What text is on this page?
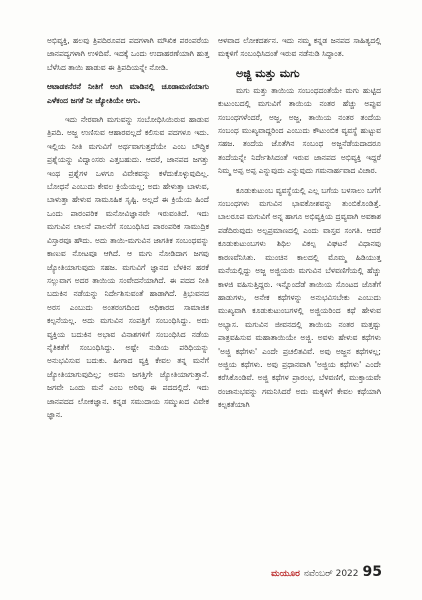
ಅಭಿವ್ಯಕ್ತಿ, ಹಲವು ತ್ರಿಪದಿರೂಪದ ಪದಗಳಾಗಿ ಮೌಖಿಕ ಪರಂಪರೆಯ ಜಾನಪದ್ಯಗಳಾಗಿ ಉಳಿದಿವೆ. ಇದಕ್ಕೆ ಒಂದು ಉದಾಹರಣೆಯಾಗಿ ಹುತ್ತ ಬೆಳೆಸಿದ ತಾಯಿ ಹಾಡುವ ಈ ತ್ರಿಪದಿಯನ್ನೇ ನೋಡಿ.

ಆಟಾಡಕನೆರನೆ ನೀತಿಗೆ ಆಂಗಿ ಮಾಡಿನಲ್ಲಿ ಚೂಡಾಮಣಿಯಾಗು ಎಳೆಕಂದ ಜಗಕೆ ನೀ ಜ್ಯೋತಿಯೇ ಆಗು.

ಇದು ನೇರವಾಗಿ ಮಗುವನ್ನು ಸಂಬೋಧಿಸಿಯಿರುವ ಹಾಡುವ ತ್ರಿಪದಿ. ಅಜ್ಜ ಉಣಿಸುವ ಆಹಾರವಲ್ಲದೆ ಕಲಿಸುವ ಪದಗಳೂ ಇದು. ಇಲ್ಲಿಯ ನೀತಿ ಮಗುವಿಗೆ ಅರ್ಥವಾಗುತ್ತದೆಯೇ ಎಂಬ ಬೌದ್ಧಿಕ ಪ್ರಶ್ನೆಯನ್ನು ವಿದ್ವಾಂಸರು ಎತ್ತಬಹುದು. ಆದರೆ, ಜಾನಪದ ಜಗತ್ತು ಇಂಥ ಪ್ರಶ್ನೆಗಳ ಒಳಗೂ ವಿವೇಕವನ್ನು ಕಳೆದುಕೊಳ್ಳುವುದಿಲ್ಲ. ಬೋಧನೆ ಎಂಬುದು ಕೇವಲ ಕ್ರಿಯೆಯಲ್ಲ; ಅದು ಹೇಳುತ್ತಾ ಬಾಳುವ, ಬಾಳುತ್ತಾ ಹೇಳುವ ಸಾಮೂಹಿಕ ಸೃಷ್ಟಿ. ಅಲ್ಲದೆ ಈ ಕ್ರಿಯೆಯ ಹಿಂದೆ ಒಂದು ಪಾರಂಪರಿಕ ಮನೋವಿಜ್ಞಾನವೇ ಇರುವಂತಿದೆ. ಇದು ಮಗುವಿನ ಲಾಲನೆ ಪಾಲನೆಗೆ ಸಂಬಂಧಿಸಿದ ಪಾರಂಪರಿಕ ಸಾಮುದ್ರಿಕ ವಿಸ್ತಾರವೂ ಹೌದು. ಅದು ತಾಯಿ-ಮಗುವಿನ ಜಾಗತಿಕ ಸಂಬಂಧವನ್ನು ಕಾಣುವ ನೋಟವೂ ಆಗಿದೆ. ಆ ಮಗು ನೋಡಿದಾಗ ಜಗವು ಜ್ಯೋತಿಯಾಗುವುದು ಸಹಜ. ಮಗುವಿಗೆ ಜ್ಞಾನದ ಬೆಳಕಿನ ಹರಕೆ ಸಲ್ಲುವಾಗ ಅದರ ತಾಯಿಯ ಸಂವೇದನೆಯಾಗಿದೆ. ಈ ಪದದ ನೀತಿ ಬದುಕಿನ ನಡೆಯನ್ನು ನಿರ್ದೇಶಿಸುವಂತೆ ಹಾಡಾಗಿದೆ. ತ್ರಿಭುವನದ ಅರಸ ಎಂಬುದು ಅಂತರಂಗದಿಂದ ಅಧಿಕಾರದ ಸಾಮಾಜಿಕ ಕಲ್ಪನೆಯಲ್ಲ. ಅದು ಮಗುವಿನ ಸಂಪತ್ತಿಗೆ ಸಂಬಂಧಿಸಿದ್ದು. ಅದು ವ್ಯಕ್ತಿಯ ಬದುಕಿನ ಅಭಾವ ವಿನಾಶಗಳಿಗೆ ಸಂಬಂಧಿಸಿದ ನಡೆಯ ನೈತಿಕತೆಗೆ ಸಂಬಂಧಿಸಿದ್ದು. ಅಷ್ಟೇ ನುಡಿಯ ಪರಿಧಿಯನ್ನು ಅನುಭವಿಸುವ ಬದುಕು. ಹೀಗಾದ ವ್ಯಕ್ತಿ ಕೇವಲ ತನ್ನ ಮನೆಗೆ ಜ್ಯೋತಿಯಾಗುವುದಿಲ್ಲ; ಅವನು ಜಗತ್ತಿಗೇ ಜ್ಯೋತಿಯಾಗುತ್ತಾನೆ. ಜಗವೇ ಒಂದು ಮನೆ ಎಂಬ ಅರಿವು ಈ ಪದದಲ್ಲಿದೆ. ಇದು ಜಾನಪದದ ಲೋಕಜ್ಞಾನ. ಕನ್ನಡ ಸಮುದಾಯ ಸಮ್ಮುಖದ ವಿವೇಕ ಜ್ಞಾನ.

ಆಳವಾದ ಲೋಕದರ್ಶನ. ಇದು ನಮ್ಮ ಕನ್ನಡ ಜನಪದ ಸಾಹಿತ್ಯದಲ್ಲಿ ಮಕ್ಕಳಿಗೆ ಸಂಬಂಧಿಸಿದಂತೆ ಇರುವ ನಡೆನುಡಿ ಸಿದ್ಧಾಂತ.

ಅಜ್ಜಿ ಮತ್ತು ಮಗು

ಮಗು ಮತ್ತು ತಾಯಿಯ ಸಂಬಂಧದಂತೆಯೇ ಮಗು ಹುಟ್ಟಿದ ಕುಟುಂಬದಲ್ಲಿ ಮಗುವಿಗೆ ತಾಯಿಯ ನಂತರ ಹೆಚ್ಚು ಅಪ್ಪುವ ಸಂಬಂಧಗಳೆಂದರೆ, ಅಜ್ಜ, ಅಜ್ಜ, ತಾಯಿಯ ನಂತರ ತಂದೆಯ ಸಂಬಂಧ ಮುಖ್ಯವಾದ್ದರಿಂದ ಎಂಬುದು ಕೌಟುಂಬಿಕ ವ್ಯವಸ್ಥೆ ಹುಟ್ಟುವ ಸಹಜ. ತಂದೆಯ ಜೊತೆಗಿನ ಸಂಬಂಧ ಅಜ್ಜನೆಡೆಯದಾದರೂ ತಂದೆಯನ್ನೇ ನಿರ್ದೇಶಿಸಿದಂತೆ ಇರುವ ಜಾನಪದ ಅಭಿವ್ಯಕ್ತಿ ಇದ್ದರೆ ನಿಮ್ಮ ಅಪ್ಪ ಅಪ್ಪ ಎನ್ನುವುದು ಎನ್ನುವುದು ಗಮನಾರ್ಹವಾದ ವಿಚಾರ.

ಕೂಡುಕುಟುಂಬ ವ್ಯವಸ್ಥೆಯಲ್ಲಿ ಎಲ್ಲ ಬಗೆಯ ಬಳಸಾಲು ಬಗೆಗೆ ಸಂಬಂಧಗಳು ಮಗುವಿನ ಭಾವಕೋಶವನ್ನು ತುಂಬಿಕೊಂಡಿತ್ತೆ. ಬಾಲರೂಪ ಮಗುವಿಗೆ ಅನ್ನ ಹಾಗೂ ಅಭಿವ್ಯಕ್ತಿಯ ದ್ರವ್ಯವಾಗಿ ಅವಕಾಶ ಪಡೆದಿರುವುದು ಅಲ್ಪಪ್ರಮಾಣದಲ್ಲಿ ಎಂದು ವಾಸ್ತವ ಸಂಗತಿ. ಆದರೆ ಕೂಡುಕುಟುಂಬಗಳು ಶಿಥಿಲ ವಿಕಲ್ಪ ವಿಘಟನೆ ವಿಧಾನವು ಕಾರಣವೆನಿಸಿತು. ಮುಂಚಿನ ಕಾಲದಲ್ಲಿ ಮೊಮ್ಮ ಹಿಡಿಯುತ್ತ ಮನೆಯಲ್ಲಿದ್ದು ಅಜ್ಜ ಅಜ್ಜಿಯರು ಮಗುವಿನ ಬೆಳವಣಿಗೆಯಲ್ಲಿ ಹೆಚ್ಚು ಕಾಳಜಿ ವಹಿಸುತ್ತಿದ್ದರು. ಇನ್ನೊಂದೆಡೆ ತಾಯಿಯ ಸೊಂಟದ ಜೊತೆಗೆ ಹಾಡುಗಳು, ಅನೇಕ ಕಥೆಗಳನ್ನು ಅನುಭವಿಸಬೇಕು ಎಂಬುದು ಮುಖ್ಯವಾಗಿ ಕೂಡುಕುಟುಂಬಗಳಲ್ಲಿ ಅಜ್ಜಿಯರಿಂದ ಕಥೆ ಹೇಳುವ ಅಭ್ಯಾಸ. ಮಗುವಿನ ಜೀವನದಲ್ಲಿ ತಾಯಿಯ ನಂತರ ಮತ್ತಷ್ಟು ಪಾತ್ರವಹಿಸುವ ಮಹಾತಾಯಿಯೇ ಅಜ್ಜಿ. ಅವಳು ಹೇಳುವ ಕಥೆಗಳು 'ಅಜ್ಜಿ ಕಥೆಗಳು' ಎಂದೇ ಪ್ರಚಲಿತವಿವೆ. ಅವು ಅಜ್ಜನ ಕಥೆಗಳಲ್ಲ; ಅಜ್ಜಿಯ ಕಥೆಗಳು. ಅವು ಪ್ರಧಾನವಾಗಿ 'ಅಜ್ಜಿಯ ಕಥೆಗಳು' ಎಂದೇ ಕರೆಸಿಕೊಂಡಿವೆ. ಅಜ್ಜಿ ಕಥೆಗಳ ಪ್ರಾರಂಭ, ಬೆಳವಣಿಗೆ, ಮುಕ್ತಾಯವೇ ರಂಜಾನುಭವನ್ನು ಗಮನಿಸಿದರೆ ಅದು ಮಕ್ಕಳಿಗೆ ಕೇವಲ ಕಥೆಯಾಗಿ ಕಲ್ಪಕತೆಯಾಗಿ

ಮಯೂರ ನವೆಂಬರ್ 2022 95
